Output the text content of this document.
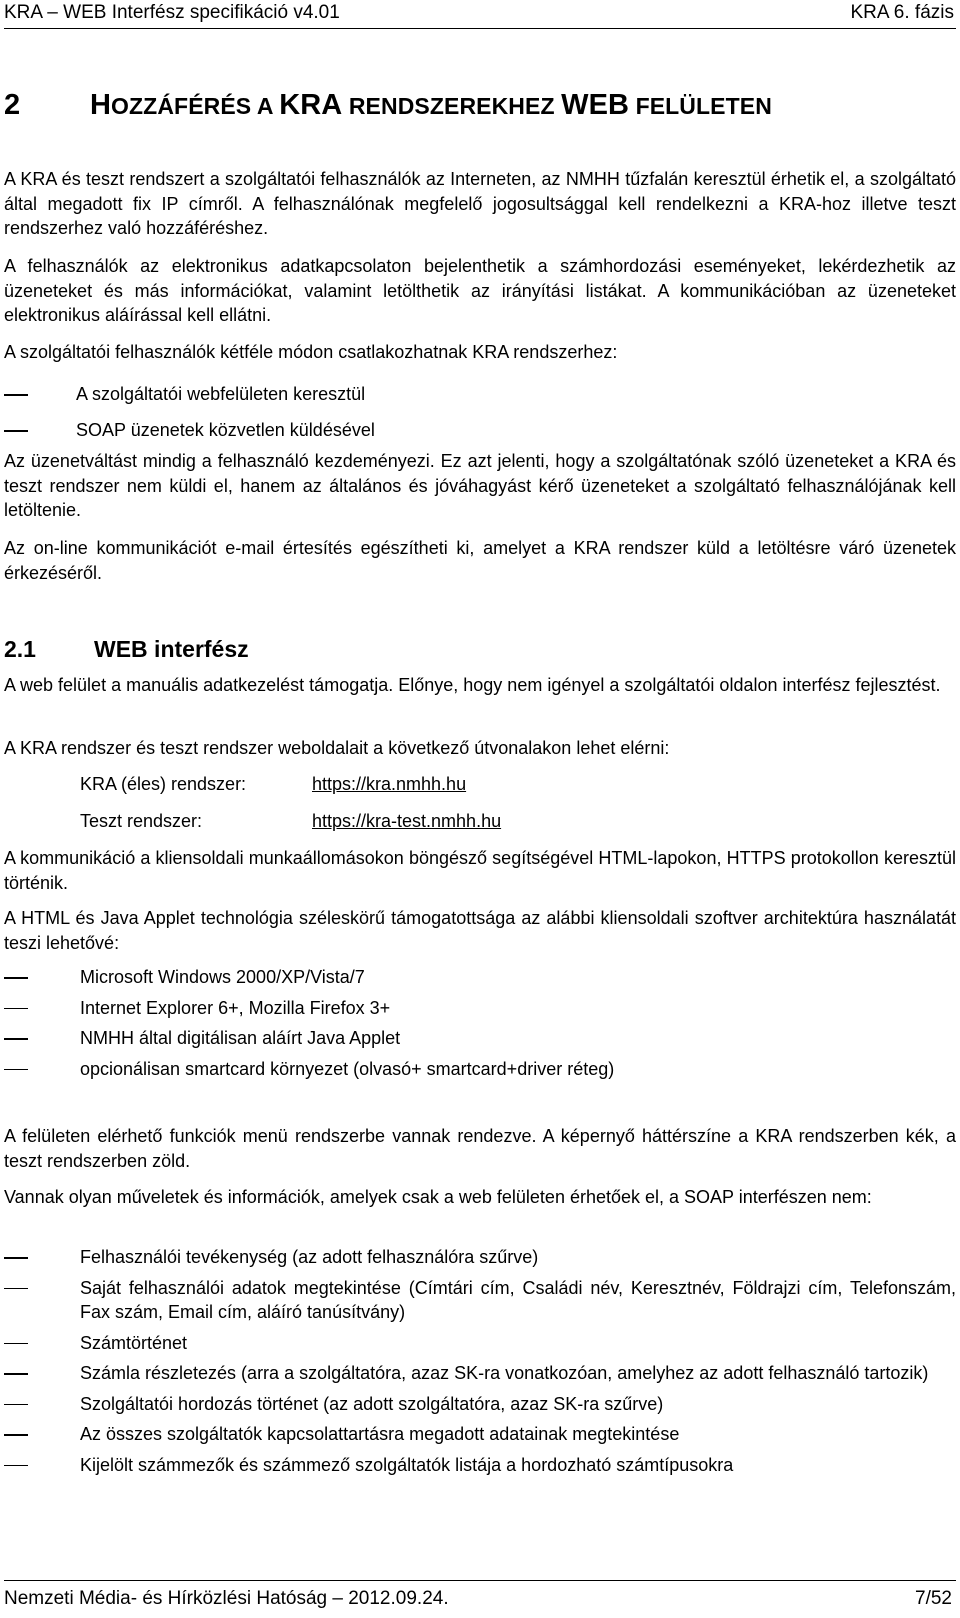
KRA – WEB Interfész specifikáció v4.01	KRA 6. fázis
2 HOZZÁFÉRÉS A KRA RENDSZEREKHEZ WEB FELÜLETEN
A KRA és teszt rendszert a szolgáltatói felhasználók az Interneten, az NMHH tűzfalán keresztül érhetik el, a szolgáltató által megadott fix IP címről. A felhasználónak megfelelő jogosultsággal kell rendelkezni a KRA-hoz illetve teszt rendszerhez való hozzáféréshez.
A felhasználók az elektronikus adatkapcsolaton bejelenthetik a számhordozási eseményeket, lekérdezhetik az üzeneteket és más információkat, valamint letölthetik az irányítási listákat. A kommunikációban az üzeneteket elektronikus aláírással kell ellátni.
A szolgáltatói felhasználók kétféle módon csatlakozhatnak KRA rendszerhez:
A szolgáltatói webfelületen keresztül
SOAP üzenetek közvetlen küldésével
Az üzenetváltást mindig a felhasználó kezdeményezi. Ez azt jelenti, hogy a szolgáltatónak szóló üzeneteket a KRA és teszt rendszer nem küldi el, hanem az általános és jóváhagyást kérő üzeneteket a szolgáltató felhasználójának kell letöltenie.
Az on-line kommunikációt e-mail értesítés egészítheti ki, amelyet a KRA rendszer küld a letöltésre váró üzenetek érkezéséről.
2.1	WEB interfész
A web felület a manuális adatkezelést támogatja. Előnye, hogy nem igényel a szolgáltatói oldalon interfész fejlesztést.
A KRA rendszer és teszt rendszer weboldalait a következő útvonalakon lehet elérni:
KRA (éles) rendszer:	https://kra.nmhh.hu
Teszt rendszer:	https://kra-test.nmhh.hu
A kommunikáció a kliensoldali munkaállomásokon böngésző segítségével HTML-lapokon, HTTPS protokollon keresztül történik.
A HTML és Java Applet technológia széleskörű támogatottsága az alábbi kliensoldali szoftver architektúra használatát teszi lehetővé:
Microsoft Windows 2000/XP/Vista/7
Internet Explorer 6+, Mozilla Firefox 3+
NMHH által digitálisan aláírt Java Applet
opcionálisan smartcard környezet (olvasó+ smartcard+driver réteg)
A felületen elérhető funkciók menü rendszerbe vannak rendezve. A képernyő háttérszíne a KRA rendszerben kék, a teszt rendszerben zöld.
Vannak olyan műveletek és információk, amelyek csak a web felületen érhetőek el, a SOAP interfészen nem:
Felhasználói tevékenység (az adott felhasználóra szűrve)
Saját felhasználói adatok megtekintése (Címtári cím, Családi név, Keresztnév, Földrajzi cím, Telefonszám, Fax szám, Email cím, aláíró tanúsítvány)
Számtörténet
Számla részletezés (arra a szolgáltatóra, azaz SK-ra vonatkozóan, amelyhez az adott felhasználó tartozik)
Szolgáltatói hordozás történet (az adott szolgáltatóra, azaz SK-ra szűrve)
Az összes szolgáltatók kapcsolattartásra megadott adatainak megtekintése
Kijelölt számmezők és számmező szolgáltatók listája a hordozható számtípusokra
Nemzeti Média- és Hírközlési Hatóság – 2012.09.24.	7/52
